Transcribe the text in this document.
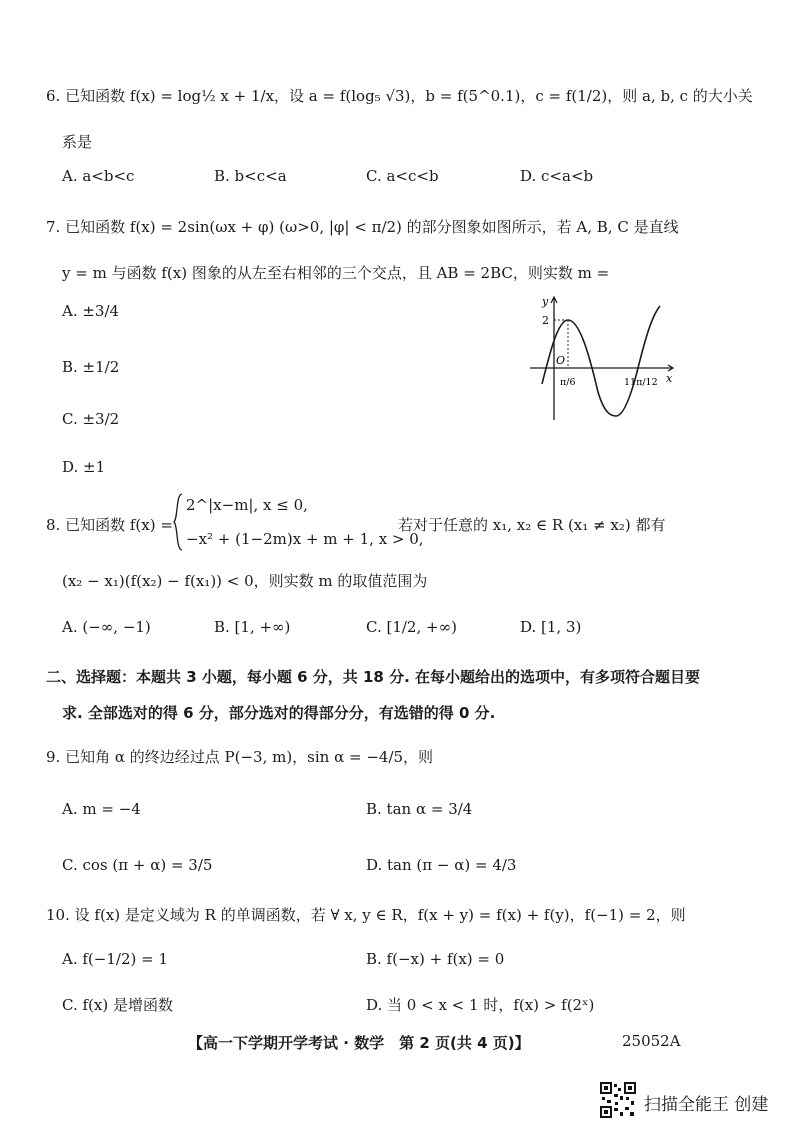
6. 已知函数 f(x) = log½ x + 1/x，设 a = f(log₅ √3)，b = f(5^0.1)，c = f(1/2)，则 a, b, c 的大小关
系是
A. a<b<c	B. b<c<a	C. a<c<b	D. c<a<b
7. 已知函数 f(x) = 2sin(ωx + φ) (ω>0, |φ| < π/2) 的部分图象如图所示，若 A, B, C 是直线
y = m 与函数 f(x) 图象的从左至右相邻的三个交点，且 AB = 2BC，则实数 m =
A. ±3/4
B. ±1/2
C. ±3/2
D. ±1
y
x
2
O
π/6	11π/12
8. 已知函数 f(x) =
2^|x−m|, x ≤ 0,
−x² + (1−2m)x + m + 1, x > 0,
若对于任意的 x₁, x₂ ∈ R (x₁ ≠ x₂) 都有
(x₂ − x₁)(f(x₂) − f(x₁)) < 0，则实数 m 的取值范围为
A. (−∞, −1)	B. [1, +∞)	C. [1/2, +∞)	D. [1, 3)
二、选择题：本题共 3 小题，每小题 6 分，共 18 分. 在每小题给出的选项中，有多项符合题目要
求. 全部选对的得 6 分，部分选对的得部分分，有选错的得 0 分.
9. 已知角 α 的终边经过点 P(−3, m)，sin α = −4/5，则
A. m = −4	B. tan α = 3/4
C. cos (π + α) = 3/5	D. tan (π − α) = 4/3
10. 设 f(x) 是定义域为 R 的单调函数，若 ∀ x, y ∈ R，f(x + y) = f(x) + f(y)，f(−1) = 2，则
A. f(−1/2) = 1	B. f(−x) + f(x) = 0
C. f(x) 是增函数	D. 当 0 < x < 1 时，f(x) > f(2ˣ)
【高一下学期开学考试 · 数学　第 2 页(共 4 页)】	25052A
扫描全能王 创建
